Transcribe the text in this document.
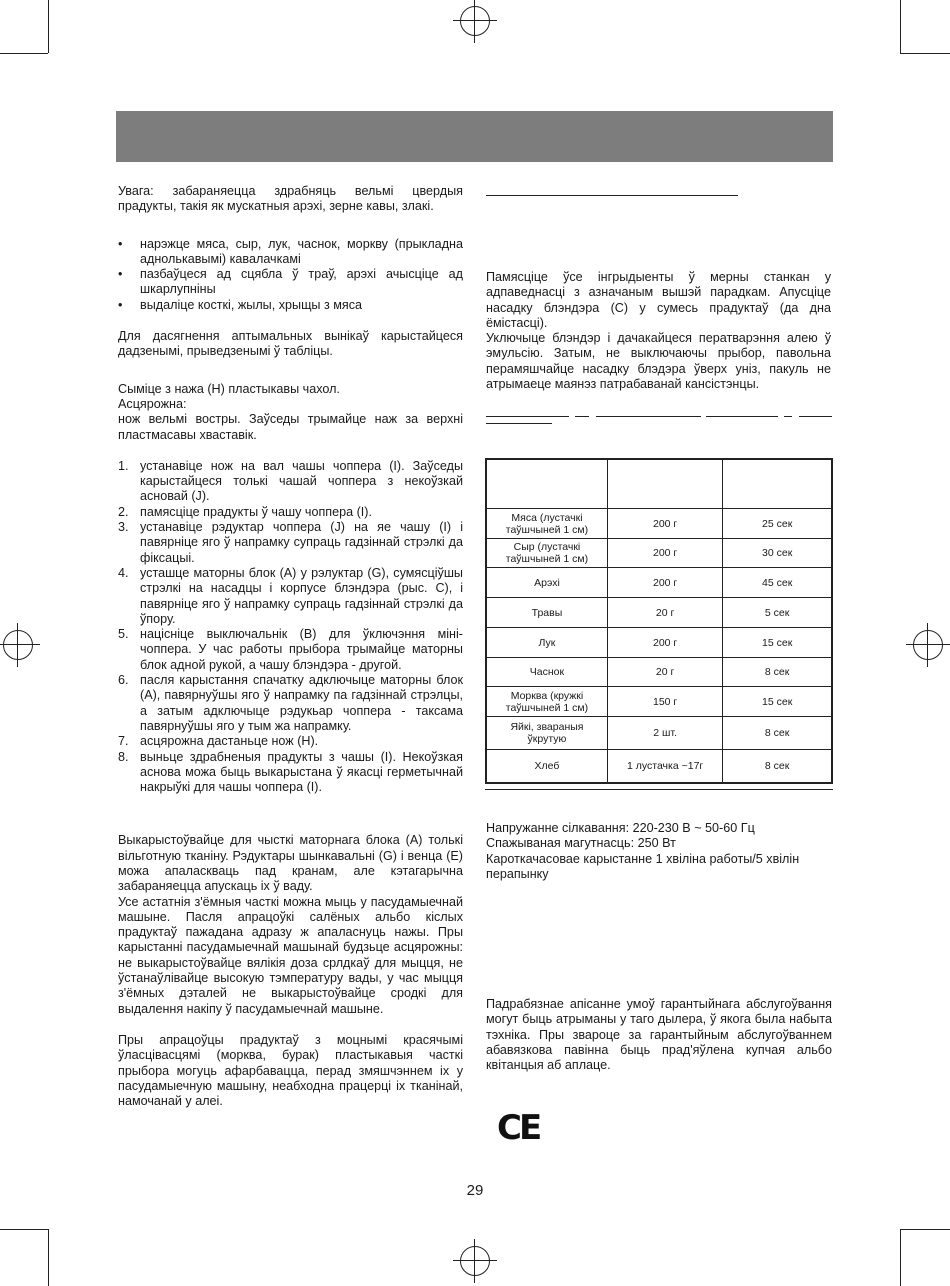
Увага: забараняецца здрабняць вельмі цвердыя прадукты, такія як мускатныя арэхі, зерне кавы, злакі.

• нарэжце мяса, сыр, лук, часнок, моркву (прыкладна аднолькавымі) кавалачкамі
• пазбаўцеся ад сцябла ў траў, арэхі ачысціце ад шкарлупніны
• выдаліце косткі, жылы, хрыщы з мяса

Для дасягнення аптымальных вынікаў карыстайцеся дадзенымі, прыведзенымі ў табліцы.

Сыміце з нажа (H) пластыкавы чахол.

Асцярожна:

нож вельмі востры. Заўседы трымайце наж за верхні пластмасавы хваставік.

1. устанавіце нож на вал чашы чоппера (I). Заўседы карыстайцеся толькі чашай чоппера з некоўзкай асновай (J).
2. памясціце прадукты ў чашу чоппера (I).
3. устанавіце рэдуктар чоппера (J) на яе чашу (I) і павярніце яго ў напрамку супраць гадзіннай стрэлкі да фіксацыі.
4. усташце маторны блок (A) у рэлуктар (G), сумясціўшы стрэлкі на насадцы і корпусе блэндэра (рыс. C), і павярніце яго ў напрамку супраць гадзіннай стрэлкі да ўпору.
5. націсніце выключальнік (B) для ўключэння міні-чоппера. У час работы прыбора трымайце маторны блок адной рукой, а чашу блэндэра - другой.
6. пасля карыстання спачатку адключыце маторны блок (A), павярнуўшы яго ў напрамку па гадзіннай стрэлцы, а затым адключыце рэдукьар чоппера - таксама павярнуўшы яго у тым жа напрамку.
7. асцярожна дастаньце нож (H).
8. выньце здрабненыя прадукты з чашы (I). Некоўзкая аснова можа быць выкарыстана ў якасці герметычнай накрыўкі для чашы чоппера (I).

Выкарыстоўвайце для чысткі маторнага блока (A) толькі вільготную тканіну. Рэдуктары шынкавальні (G) і венца (E) можа апаласкваць пад кранам, але кэтагарычна забараняецца апускаць іх ў ваду.

Усе астатнія з'ёмныя часткі можна мыць у пасудамыечнай машыне. Пасля апрацоўкі салёных альбо кіслых прадуктаў пажадана адразу ж апаласнуць нажы. Пры карыстанні пасудамыечнай машынай будзьце асцярожны: не выкарыстоўвайце вялікія доза срлдкаў для мыцця, не ўстанаўлівайце высокую тэмпературу вады, у час мыцця з'ёмных дэталей не выкарыстоўвайце сродкі для выдалення накіпу ў пасудамыечнай машыне.

Пры апрацоўцы прадуктаў з моцнымі красячымі ўласцівасцямі (морква, бурак) пластыкавыя часткі прыбора могуць афарбавацца, перад змяшчэннем іх у пасудамыечную машыну, неабходна працерці іх тканінай, намочанай у алеі.

Памясціце ўсе інгрыдыенты ў мерны станкан у адпаведнасці з азначаным вышэй парадкам. Апусціце насадку блэндэра (C) у сумесь прадуктаў (да дна ёмістасці).

Уключыце блэндэр і дачакайцеся ператварэння алею ў эмульсію. Затым, не выключаючы прыбор, павольна перамяшчайце насадку блэдэра ўверх уніз, пакуль не атрымаеце маянэз патрабаванай кансістэнцы.

Мяса (лустачкі таўшчыней 1 см)	200 г	25 сек
Сыр (лустачкі таўшчыней 1 см)	200 г	30 сек
Арэхі	200 г	45 сек
Травы	20 г	5 сек
Лук	200 г	15 сек
Часнок	20 г	8 сек
Морква (кружкі таўшчыней 1 см)	150 г	15 сек
Яйкі, звараныя ўкрутую	2 шт.	8 сек
Хлеб	1 лустачка ~17г	8 сек

Напружанне сілкавання: 220-230 В ~ 50-60 Гц

Спажываная магутнасць: 250 Вт

Кароткачасовае карыстанне 1 хвіліна работы/5 хвілін перапынку

Падрабязнае апісанне умоў гарантыйнага абслугоўвання могут быць атрыманы у таго дылера, ў якога была набыта тэхніка. Пры звароце за гарантыйным абслугоўваннем абавязкова павінна быць прад'яўлена купчая альбо квітанцыя аб аплаце.

CE
29
